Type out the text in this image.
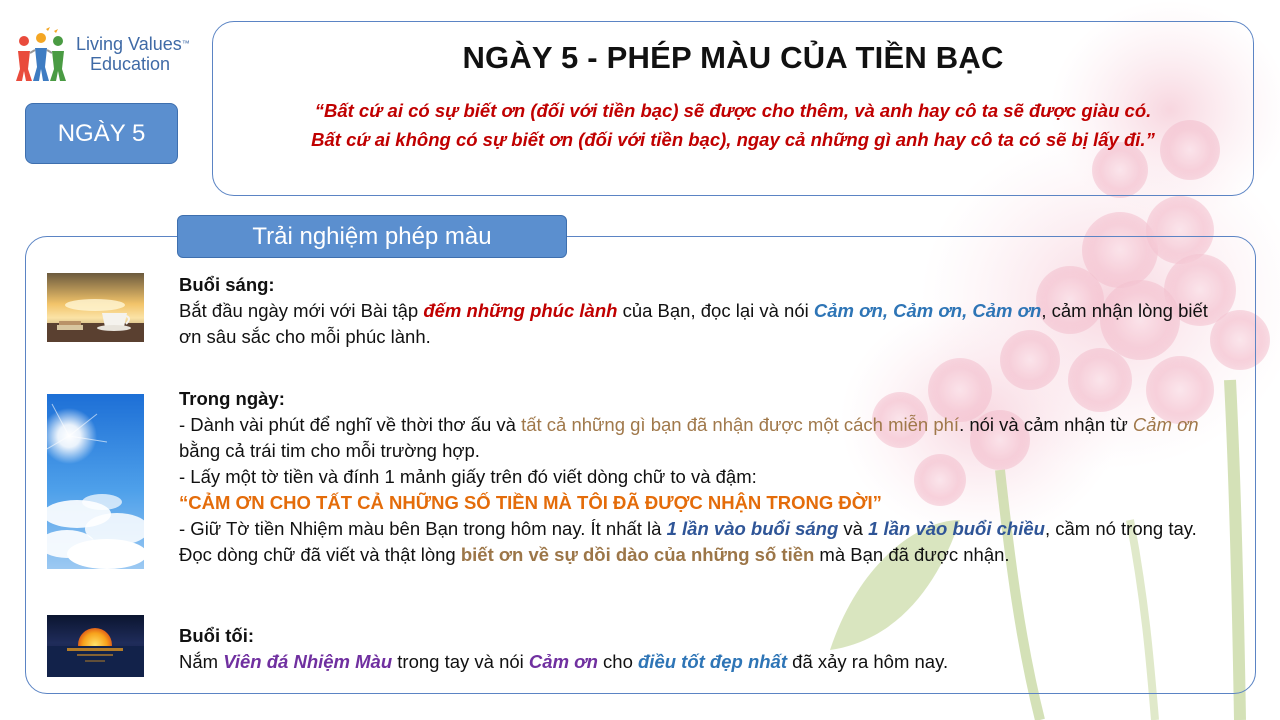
Living Values™
Education
NGÀY 5
NGÀY 5 - PHÉP MÀU CỦA TIỀN BẠC
“Bất cứ ai có sự biết ơn (đối với tiền bạc) sẽ được cho thêm, và anh hay cô ta sẽ được giàu có.
Bất cứ ai không có sự biết ơn (đối với tiền bạc), ngay cả những gì anh hay cô ta có sẽ bị lấy đi.”
Trải nghiệm phép màu
Buổi sáng:
Bắt đầu ngày mới với Bài tập đếm những phúc lành của Bạn, đọc lại và nói Cảm ơn, Cảm ơn, Cảm ơn, cảm nhận lòng biết ơn sâu sắc cho mỗi phúc lành.
Trong ngày:
- Dành vài phút để nghĩ về thời thơ ấu và tất cả những gì bạn đã nhận được một cách miễn phí. nói và cảm nhận từ Cảm ơn bằng cả trái tim cho mỗi trường hợp.
- Lấy một tờ tiền và đính 1 mảnh giấy trên đó viết dòng chữ to và đậm:
“CẢM ƠN CHO TẤT CẢ NHỮNG SỐ TIỀN MÀ TÔI ĐÃ ĐƯỢC NHẬN TRONG ĐỜI”
- Giữ Tờ tiền Nhiệm màu bên Bạn trong hôm nay. Ít nhất là 1 lần vào buổi sáng và 1 lần vào buổi chiều, cầm nó trong tay. Đọc dòng chữ đã viết và thật lòng biết ơn về sự dồi dào của những số tiền mà Bạn đã được nhận.
Buổi tối:
Nắm Viên đá Nhiệm Màu trong tay và nói Cảm ơn cho điều tốt đẹp nhất đã xảy ra hôm nay.
